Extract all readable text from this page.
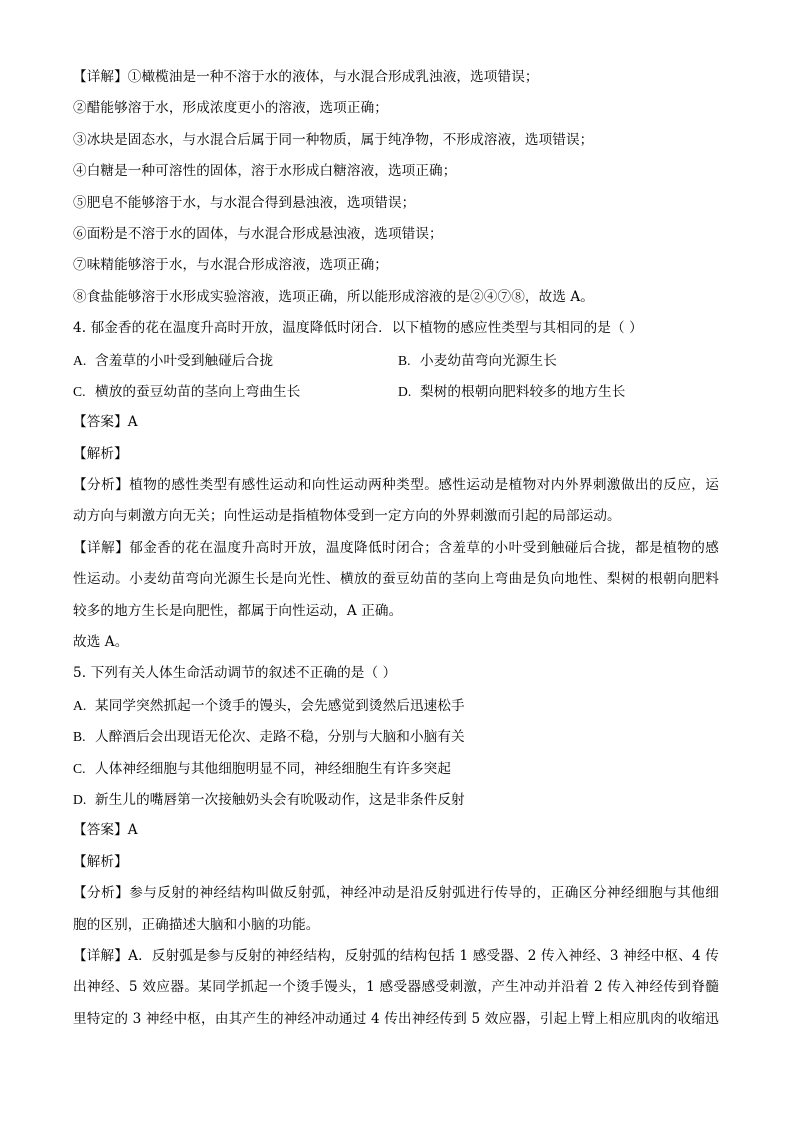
【详解】①橄榄油是一种不溶于水的液体，与水混合形成乳浊液，选项错误；
②醋能够溶于水，形成浓度更小的溶液，选项正确；
③冰块是固态水，与水混合后属于同一种物质，属于纯净物，不形成溶液，选项错误；
④白糖是一种可溶性的固体，溶于水形成白糖溶液，选项正确；
⑤肥皂不能够溶于水，与水混合得到悬浊液，选项错误；
⑥面粉是不溶于水的固体，与水混合形成悬浊液，选项错误；
⑦味精能够溶于水，与水混合形成溶液，选项正确；
⑧食盐能够溶于水形成实验溶液，选项正确，所以能形成溶液的是②④⑦⑧，故选 A。
4. 郁金香的花在温度升高时开放，温度降低时闭合．以下植物的感应性类型与其相同的是（ ）
A. 含羞草的小叶受到触碰后合拢	B. 小麦幼苗弯向光源生长
C. 横放的蚕豆幼苗的茎向上弯曲生长	D. 梨树的根朝向肥料较多的地方生长
【答案】A
【解析】
【分析】植物的感性类型有感性运动和向性运动两种类型。感性运动是植物对内外界刺激做出的反应，运
动方向与刺激方向无关；向性运动是指植物体受到一定方向的外界刺激而引起的局部运动。
【详解】郁金香的花在温度升高时开放，温度降低时闭合；含羞草的小叶受到触碰后合拢，都是植物的感
性运动。小麦幼苗弯向光源生长是向光性、横放的蚕豆幼苗的茎向上弯曲是负向地性、梨树的根朝向肥料
较多的地方生长是向肥性，都属于向性运动，A 正确。
故选 A。
5. 下列有关人体生命活动调节的叙述不正确的是（ ）
A. 某同学突然抓起一个烫手的馒头，会先感觉到烫然后迅速松手
B. 人醉酒后会出现语无伦次、走路不稳，分别与大脑和小脑有关
C. 人体神经细胞与其他细胞明显不同，神经细胞生有许多突起
D. 新生儿的嘴唇第一次接触奶头会有吮吸动作，这是非条件反射
【答案】A
【解析】
【分析】参与反射的神经结构叫做反射弧，神经冲动是沿反射弧进行传导的，正确区分神经细胞与其他细
胞的区别，正确描述大脑和小脑的功能。
【详解】A．反射弧是参与反射的神经结构，反射弧的结构包括 1 感受器、2 传入神经、3 神经中枢、4 传
出神经、5 效应器。某同学抓起一个烫手馒头，1 感受器感受刺激，产生冲动并沿着 2 传入神经传到脊髓
里特定的 3 神经中枢，由其产生的神经冲动通过 4 传出神经传到 5 效应器，引起上臂上相应肌肉的收缩迅
